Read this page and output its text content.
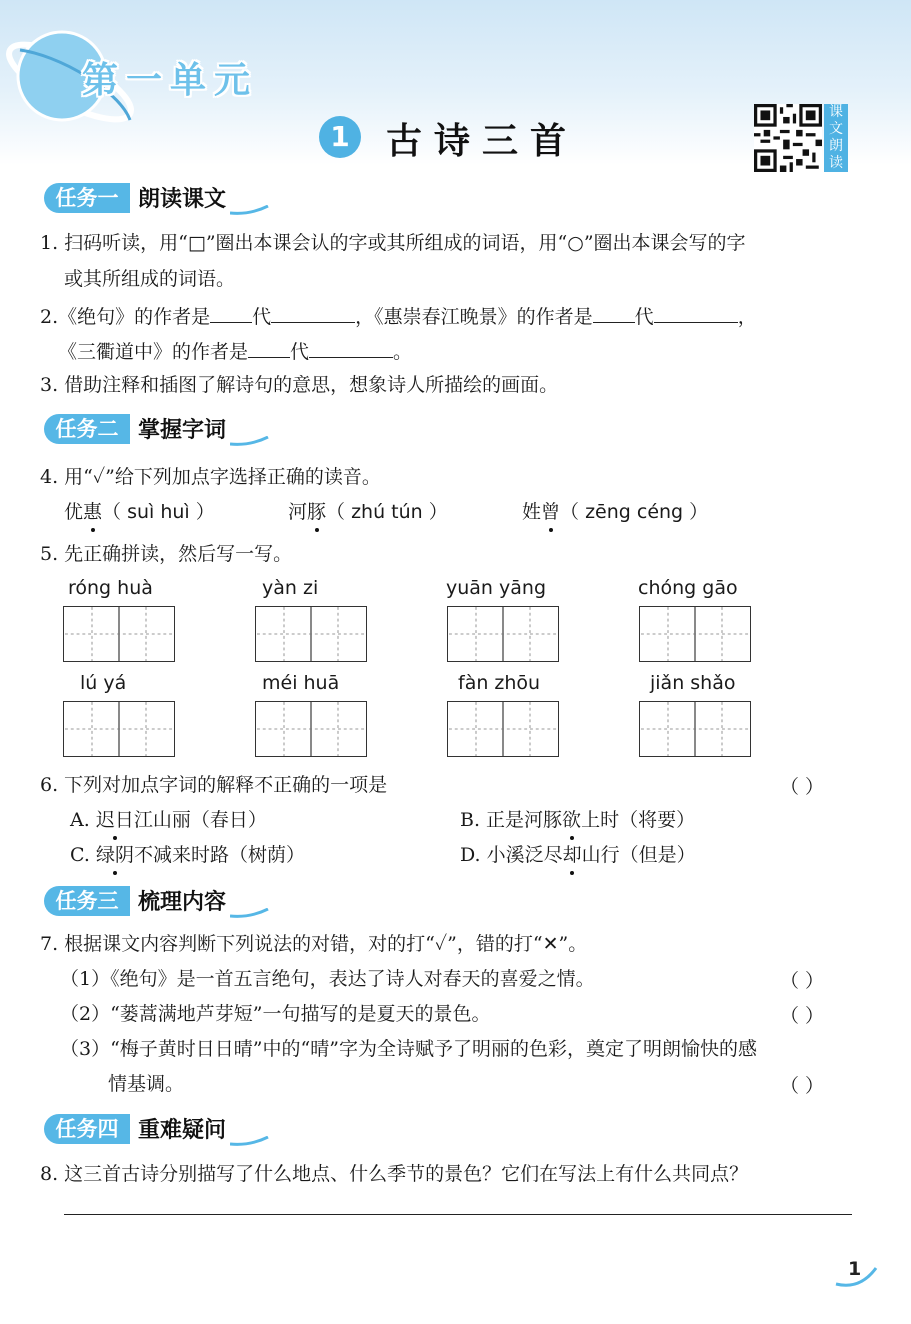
第一单元
1	古诗三首
课
文
朗
读
任务一 朗读课文
1. 扫码听读，用“□”圈出本课会认的字或其所组成的词语，用“○”圈出本课会写的字
或其所组成的词语。
2.《绝句》的作者是 代	，《惠崇春江晚景》的作者是 代	，
《三衢道中》的作者是 代	。
3. 借助注释和插图了解诗句的意思，想象诗人所描绘的画面。
任务二 掌握字词
4. 用“✓”给下列加点字选择正确的读音。
优惠（ suì huì ）	河豚（ zhú tún ）	姓曾（ zēng céng ）
5. 先正确拼读，然后写一写。
róng huà	yàn zi	yuān yāng	chóng gāo
lú yá	méi huā	fàn zhōu	jiǎn shǎo
6. 下列对加点字词的解释不正确的一项是	（ ）
A. 迟日江山丽（春日）	B. 正是河豚欲上时（将要）
C. 绿阴不减来时路（树荫）	D. 小溪泛尽却山行（但是）
任务三 梳理内容
7. 根据课文内容判断下列说法的对错，对的打“✓”，错的打“✕”。
（1）《绝句》是一首五言绝句，表达了诗人对春天的喜爱之情。	（ ）
（2）“蒌蒿满地芦芽短”一句描写的是夏天的景色。	（ ）
（3）“梅子黄时日日晴”中的“晴”字为全诗赋予了明丽的色彩，奠定了明朗愉快的感
情基调。	（ ）
任务四 重难疑问
8. 这三首古诗分别描写了什么地点、什么季节的景色？它们在写法上有什么共同点？
1
